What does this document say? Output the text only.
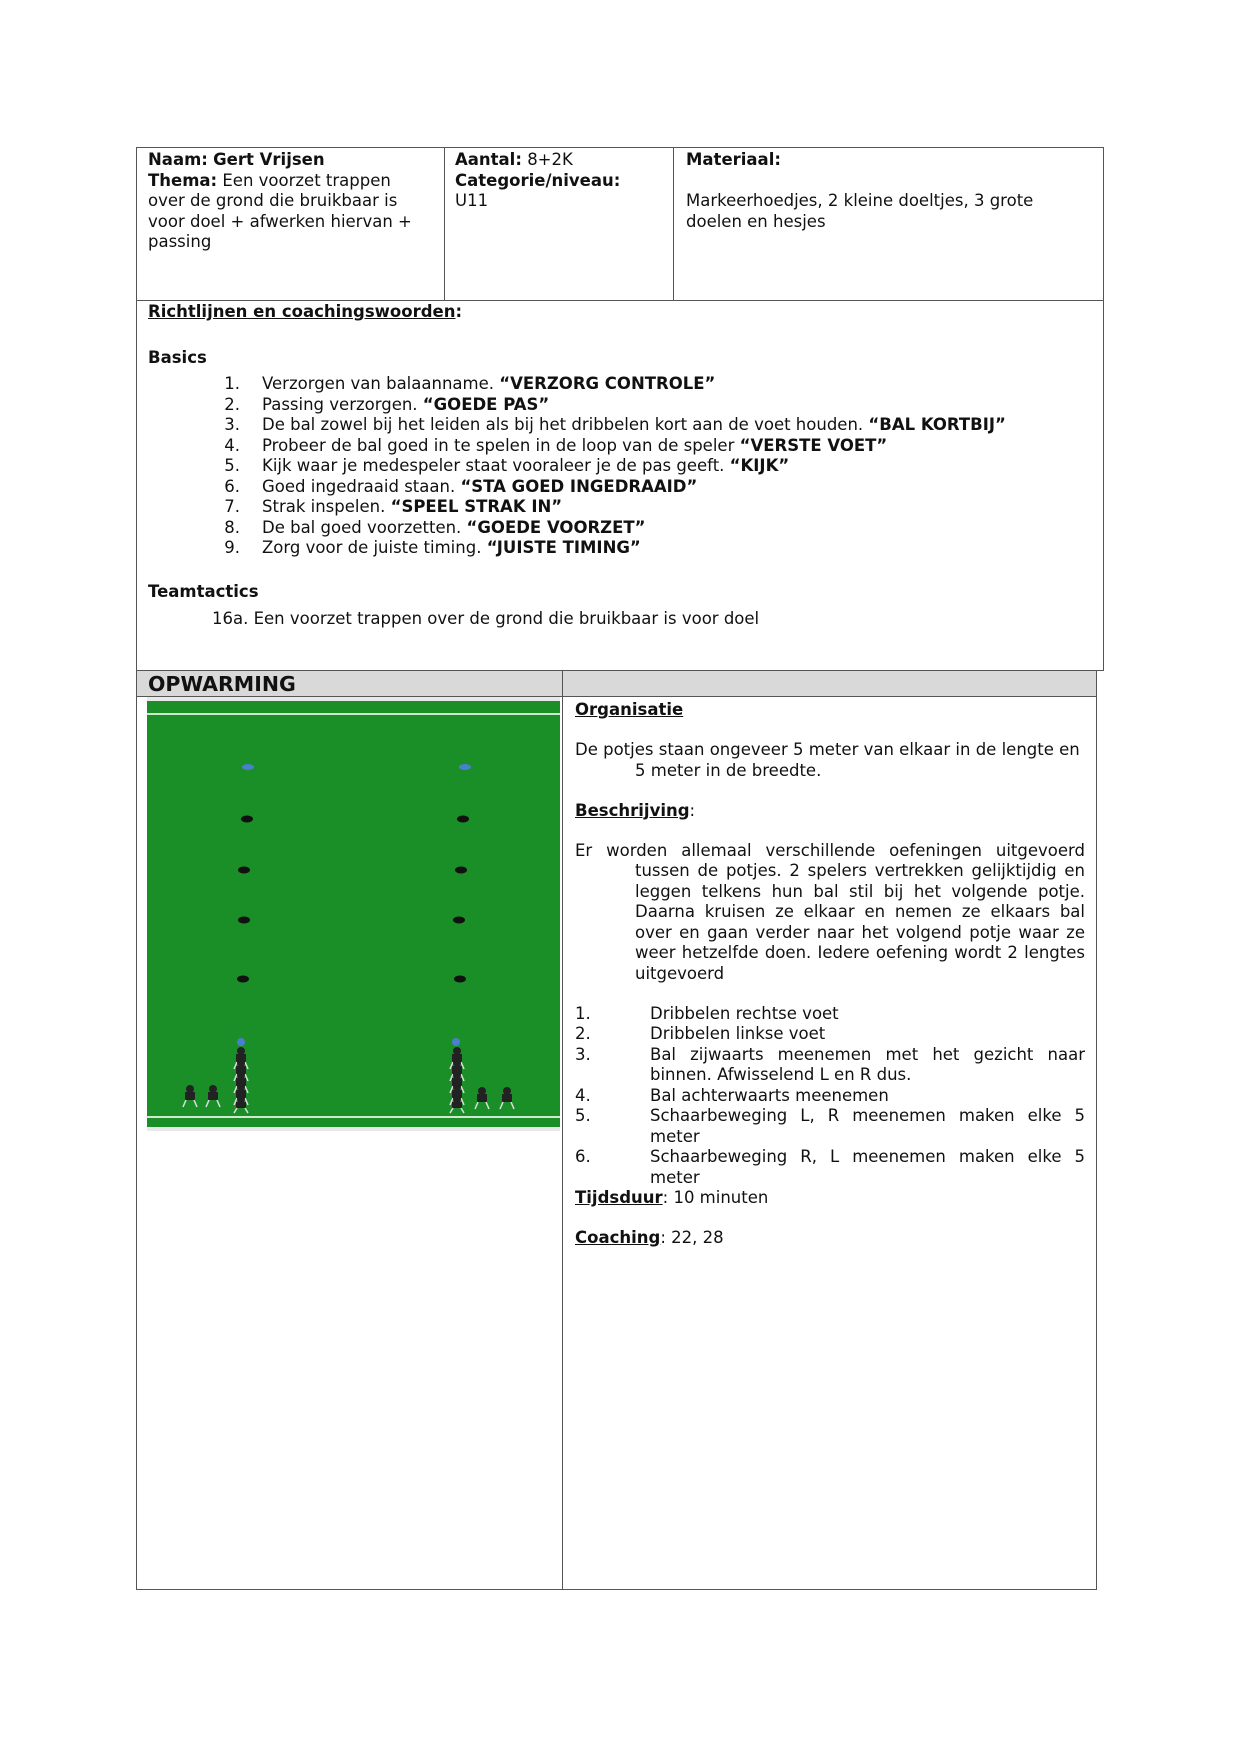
Naam: Gert Vrijsen
Thema: Een voorzet trappen over de grond die bruikbaar is voor doel + afwerken hiervan + passing
Aantal: 8+2K
Categorie/niveau:
U11
Materiaal:
Markeerhoedjes, 2 kleine doeltjes, 3 grote doelen en hesjes
Richtlijnen en coachingswoorden:
Basics
1. Verzorgen van balaanname. “VERZORG CONTROLE”
2. Passing verzorgen. “GOEDE PAS”
3. De bal zowel bij het leiden als bij het dribbelen kort aan de voet houden. “BAL KORTBIJ”
4. Probeer de bal goed in te spelen in de loop van de speler “VERSTE VOET”
5. Kijk waar je medespeler staat vooraleer je de pas geeft. “KIJK”
6. Goed ingedraaid staan. “STA GOED INGEDRAAID”
7. Strak inspelen. “SPEEL STRAK IN”
8. De bal goed voorzetten. “GOEDE VOORZET”
9. Zorg voor de juiste timing. “JUISTE TIMING”
Teamtactics
16a. Een voorzet trappen over de grond die bruikbaar is voor doel
OPWARMING
Organisatie
De potjes staan ongeveer 5 meter van elkaar in de lengte en 5 meter in de breedte.
Beschrijving:
Er worden allemaal verschillende oefeningen uitgevoerd tussen de potjes. 2 spelers vertrekken gelijktijdig en leggen telkens hun bal stil bij het volgende potje. Daarna kruisen ze elkaar en nemen ze elkaars bal over en gaan verder naar het volgend potje waar ze weer hetzelfde doen. Iedere oefening wordt 2 lengtes uitgevoerd
1.	Dribbelen rechtse voet
2.	Dribbelen linkse voet
3.	Bal zijwaarts meenemen met het gezicht naar binnen. Afwisselend L en R dus.
4.	Bal achterwaarts meenemen
5.	Schaarbeweging L, R meenemen maken elke 5 meter
6.	Schaarbeweging R, L meenemen maken elke 5 meter
Tijdsduur: 10 minuten
Coaching: 22, 28
